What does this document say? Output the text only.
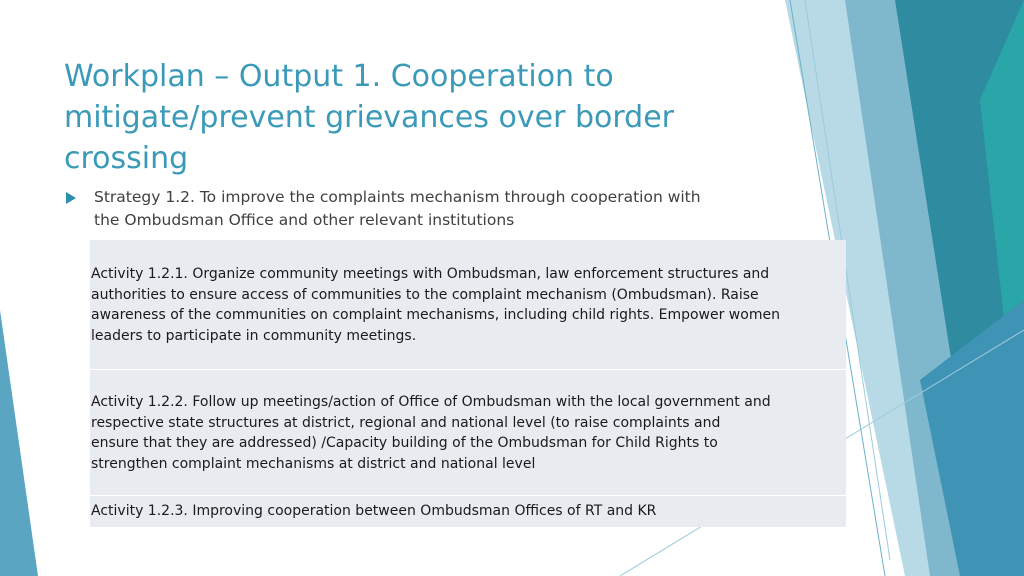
Workplan – Output 1. Cooperation to
mitigate/prevent grievances over border
crossing
Strategy 1.2. To improve the complaints mechanism through cooperation with
the Ombudsman Office and other relevant institutions
Activity 1.2.1. Organize community meetings with Ombudsman, law enforcement structures and
authorities to ensure access of communities to the complaint mechanism (Ombudsman). Raise
awareness of the communities on complaint mechanisms, including child rights. Empower women
leaders to participate in community meetings.
Activity 1.2.2. Follow up meetings/action of Office of Ombudsman with the local government and
respective state structures at district, regional and national level (to raise complaints and
ensure that they are addressed) /Capacity building of the Ombudsman for Child Rights to
strengthen complaint mechanisms at district and national level
Activity 1.2.3. Improving cooperation between Ombudsman Offices of RT and KR
